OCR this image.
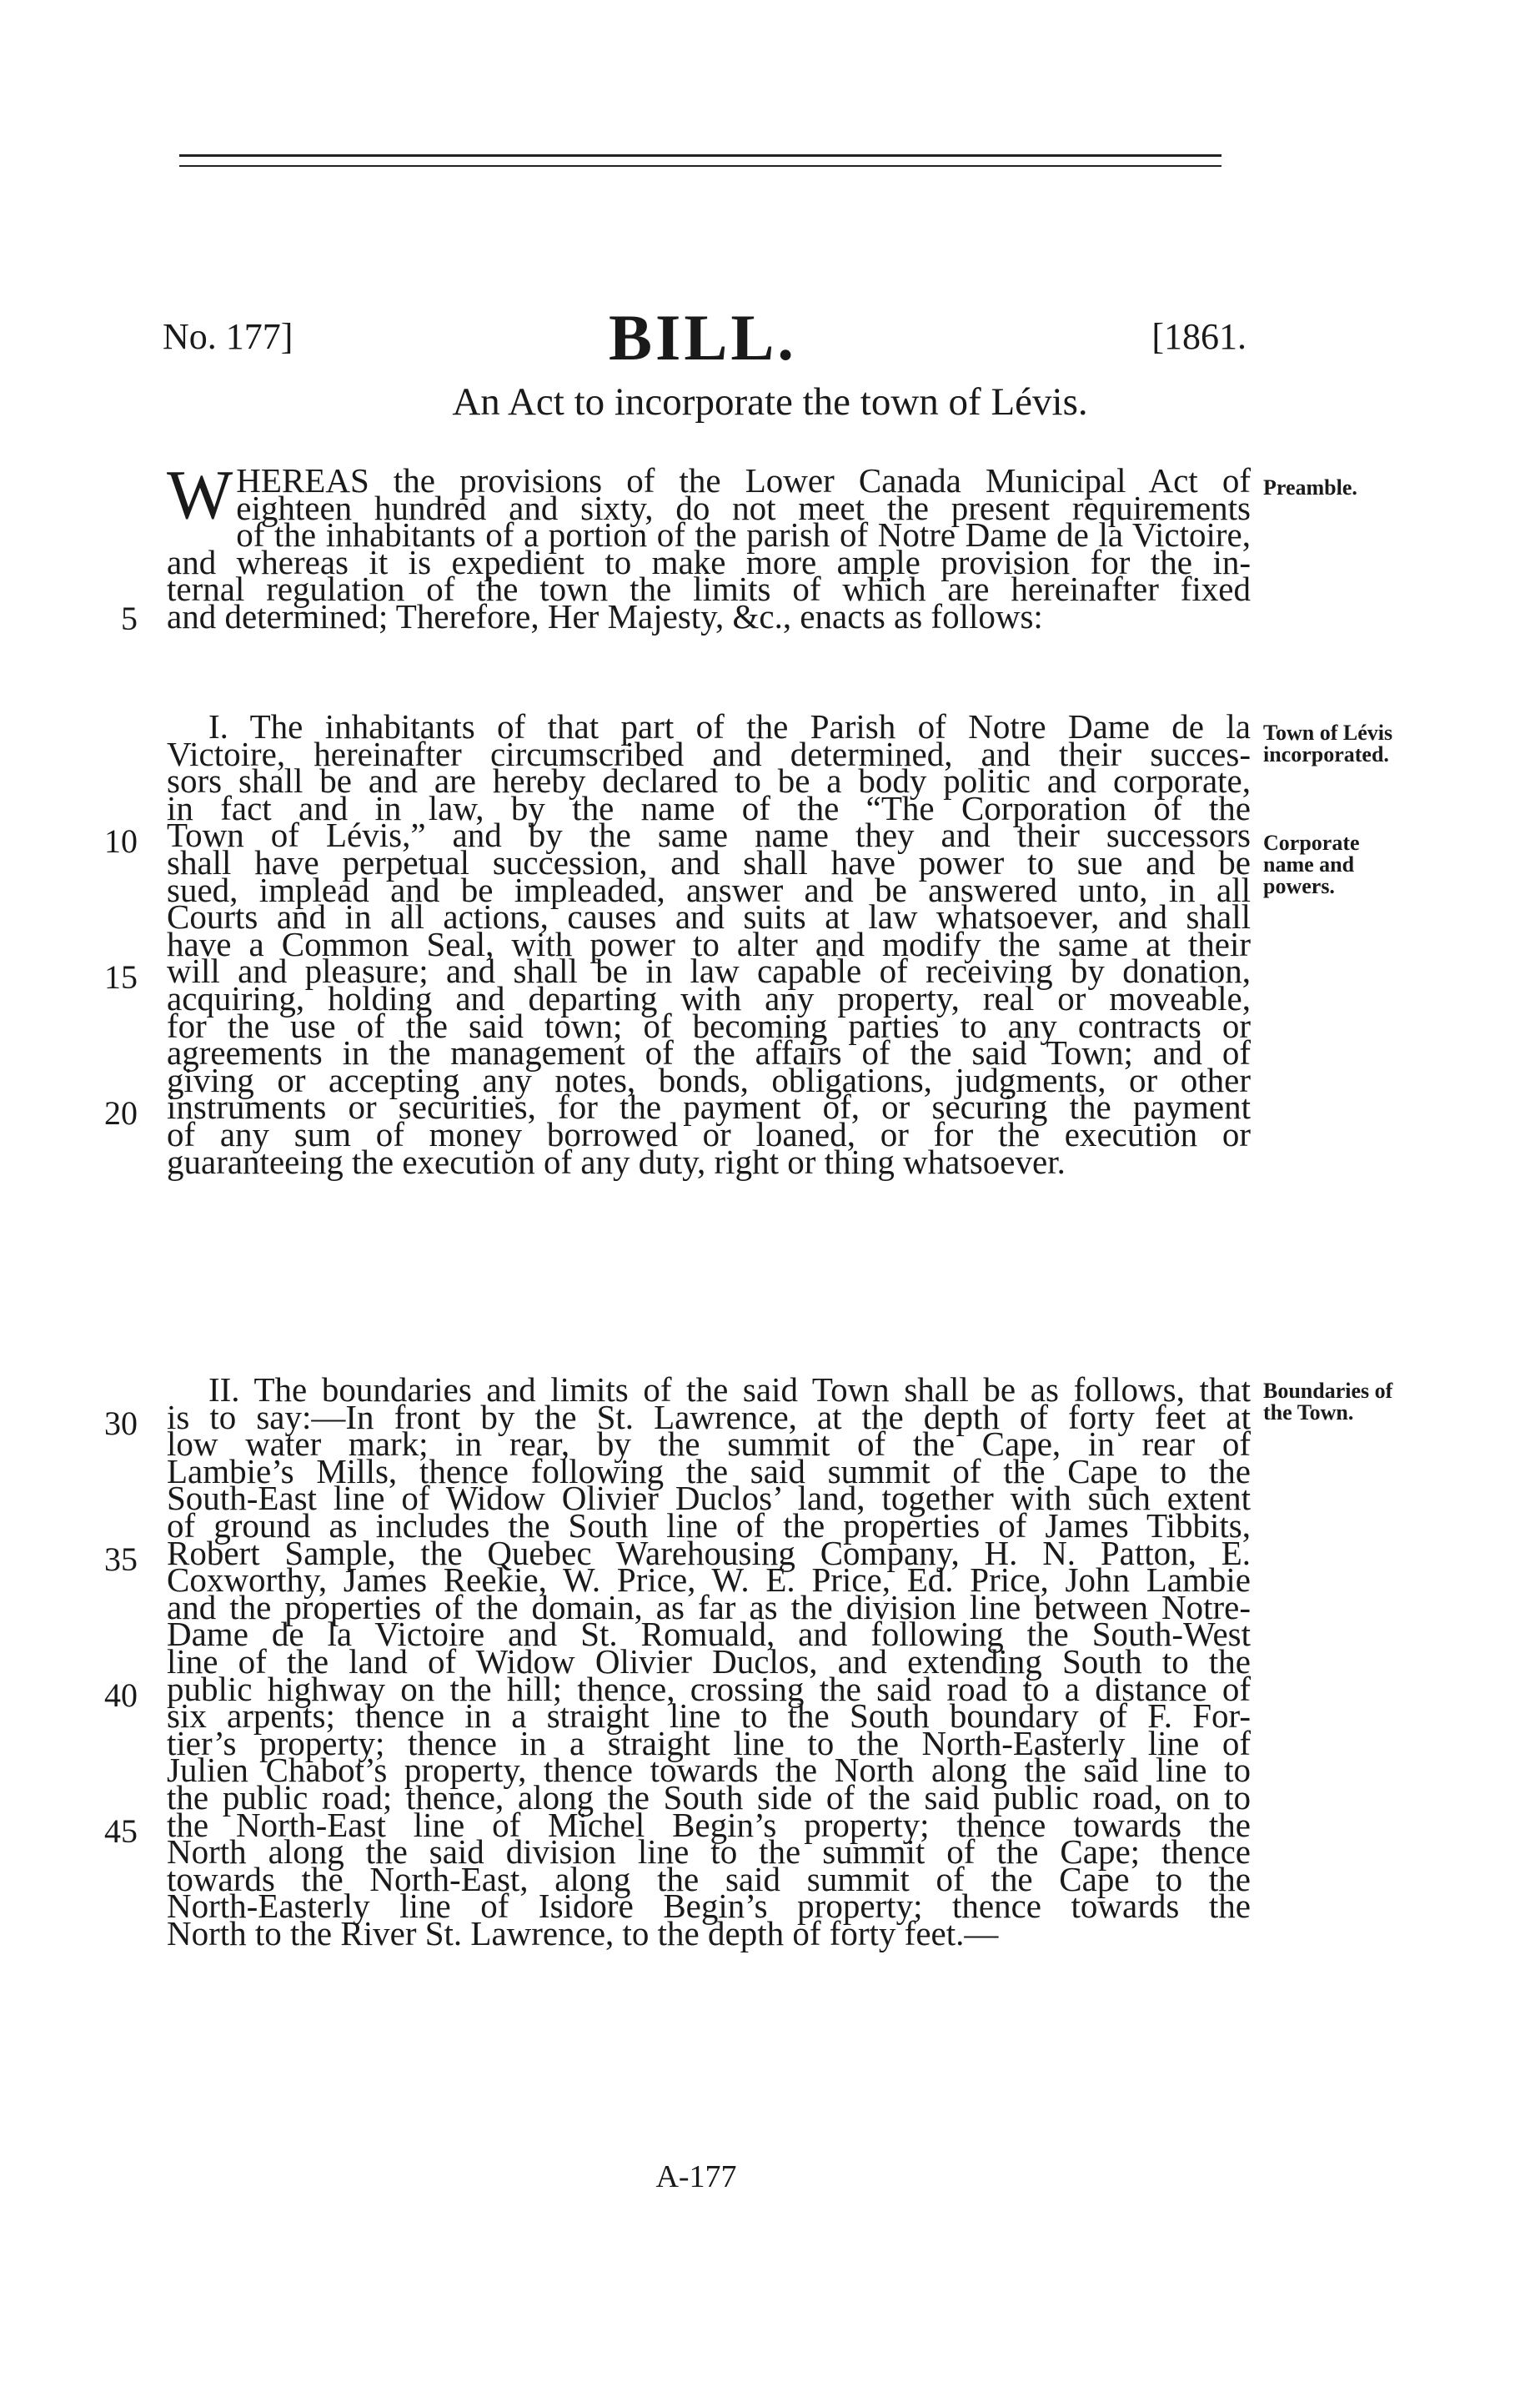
No. 177]	BILL.	[1861.
An Act to incorporate the town of Lévis.
W HEREAS the provisions of the Lower Canada Municipal Act of
eighteen hundred and sixty, do not meet the present requirements
of the inhabitants of a portion of the parish of Notre Dame de la Victoire,
and whereas it is expedient to make more ample provision for the in-
ternal regulation of the town the limits of which are hereinafter fixed
and determined; Therefore, Her Majesty, &c., enacts as follows:
I. The inhabitants of that part of the Parish of Notre Dame de la
Victoire, hereinafter circumscribed and determined, and their succes-
sors shall be and are hereby declared to be a body politic and corporate,
in fact and in law, by the name of the “The Corporation of the
Town of Lévis,” and by the same name they and their successors
shall have perpetual succession, and shall have power to sue and be
sued, implead and be impleaded, answer and be answered unto, in all
Courts and in all actions, causes and suits at law whatsoever, and shall
have a Common Seal, with power to alter and modify the same at their
will and pleasure; and shall be in law capable of receiving by donation,
acquiring, holding and departing with any property, real or moveable,
for the use of the said town; of becoming parties to any contracts or
agreements in the management of the affairs of the said Town; and of
giving or accepting any notes, bonds, obligations, judgments, or other
instruments or securities, for the payment of, or securing the payment
of any sum of money borrowed or loaned, or for the execution or
guaranteeing the execution of any duty, right or thing whatsoever.
II. The boundaries and limits of the said Town shall be as follows, that
is to say:—In front by the St. Lawrence, at the depth of forty feet at
low water mark; in rear, by the summit of the Cape, in rear of
Lambie’s Mills, thence following the said summit of the Cape to the
South-East line of Widow Olivier Duclos’ land, together with such extent
of ground as includes the South line of the properties of James Tibbits,
Robert Sample, the Quebec Warehousing Company, H. N. Patton, E.
Coxworthy, James Reekie, W. Price, W. E. Price, Ed. Price, John Lambie
and the properties of the domain, as far as the division line between Notre-
Dame de la Victoire and St. Romuald, and following the South-West
line of the land of Widow Olivier Duclos, and extending South to the
public highway on the hill; thence, crossing the said road to a distance of
six arpents; thence in a straight line to the South boundary of F. For-
tier’s property; thence in a straight line to the North-Easterly line of
Julien Chabot’s property, thence towards the North along the said line to
the public road; thence, along the South side of the said public road, on to
the North-East line of Michel Begin’s property; thence towards the
North along the said division line to the summit of the Cape; thence
towards the North-East, along the said summit of the Cape to the
North-Easterly line of Isidore Begin’s property; thence towards the
North to the River St. Lawrence, to the depth of forty feet.—
5
10
15
20
30
35
40
45
Preamble.
Town of Lévis
incorporated.
Corporate
name and
powers.
Boundaries of
the Town.
A-177
